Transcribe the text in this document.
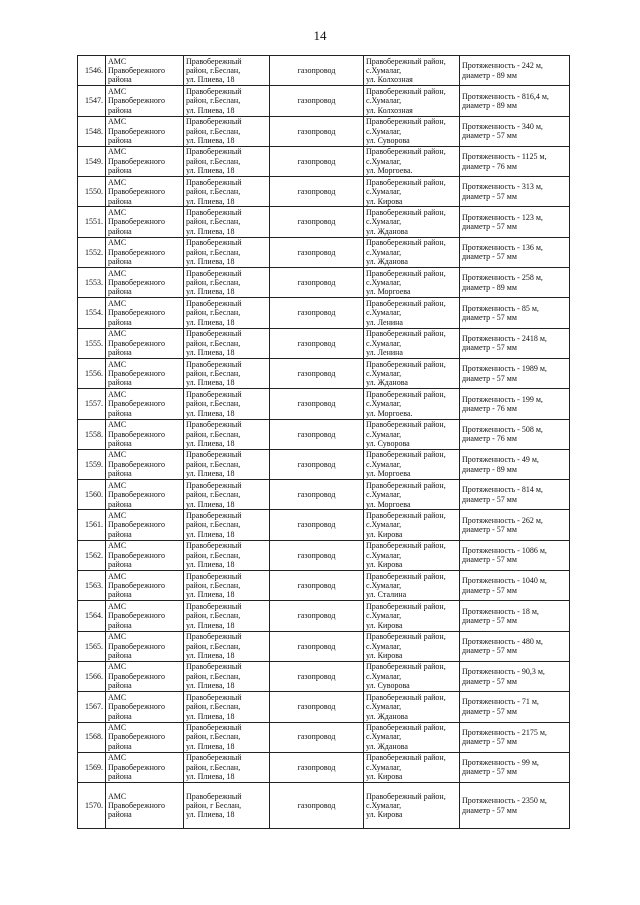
14
1546.	АМС
Правобережного
района	Правобережный
район, г.Беслан,
ул. Плиева, 18	газопровод	Правобережный район,
с.Хумалаг,
ул. Колхозная	Протяженность - 242 м,
диаметр - 89 мм

1547.	АМС
Правобережного
района	Правобережный
район, г.Беслан,
ул. Плиева, 18	газопровод	Правобережный район,
с.Хумалаг,
ул. Колхозная	Протяженность - 816,4 м,
диаметр - 89 мм

1548.	АМС
Правобережного
района	Правобережный
район, г.Беслан,
ул. Плиева, 18	газопровод	Правобережный район,
с.Хумалаг,
ул. Суворова	Протяженность - 340 м,
диаметр - 57 мм

1549.	АМС
Правобережного
района	Правобережный
район, г.Беслан,
ул. Плиева, 18	газопровод	Правобережный район,
с.Хумалаг,
ул. Моргоева.	Протяженность - 1125 м,
диаметр - 76 мм

1550.	АМС
Правобережного
района	Правобережный
район, г.Беслан,
ул. Плиева, 18	газопровод	Правобережный район,
с.Хумалаг,
ул. Кирова	Протяженность - 313 м,
диаметр - 57 мм

1551.	АМС
Правобережного
района	Правобережный
район, г.Беслан,
ул. Плиева, 18	газопровод	Правобережный район,
с.Хумалаг,
ул. Жданова	Протяженность - 123 м,
диаметр - 57 мм

1552.	АМС
Правобережного
района	Правобережный
район, г.Беслан,
ул. Плиева, 18	газопровод	Правобережный район,
с.Хумалаг,
ул. Жданова	Протяженность - 136 м,
диаметр - 57 мм

1553.	АМС
Правобережного
района	Правобережный
район, г.Беслан,
ул. Плиева, 18	газопровод	Правобережный район,
с.Хумалаг,
ул. Моргоева	Протяженность - 258 м,
диаметр - 89 мм

1554.	АМС
Правобережного
района	Правобережный
район, г.Беслан,
ул. Плиева, 18	газопровод	Правобережный район,
с.Хумалаг,
ул. Ленина	Протяженность - 85 м,
диаметр - 57 мм

1555.	АМС
Правобережного
района	Правобережный
район, г.Беслан,
ул. Плиева, 18	газопровод	Правобережный район,
с.Хумалаг,
ул. Ленина	Протяженность - 2418 м,
диаметр - 57 мм

1556.	АМС
Правобережного
района	Правобережный
район, г.Беслан,
ул. Плиева, 18	газопровод	Правобережный район,
с.Хумалаг,
ул. Жданова	Протяженность - 1989 м,
диаметр - 57 мм

1557.	АМС
Правобережного
района	Правобережный
район, г.Беслан,
ул. Плиева, 18	газопровод	Правобережный район,
с.Хумалаг,
ул. Моргоева.	Протяженность - 199 м,
диаметр - 76 мм

1558.	АМС
Правобережного
района	Правобережный
район, г.Беслан,
ул. Плиева, 18	газопровод	Правобережный район,
с.Хумалаг,
ул. Суворова	Протяженность - 508 м,
диаметр - 76 мм

1559.	АМС
Правобережного
района	Правобережный
район, г.Беслан,
ул. Плиева, 18	газопровод	Правобережный район,
с.Хумалаг,
ул. Моргоева	Протяженность - 49 м,
диаметр - 89 мм

1560.	АМС
Правобережного
района	Правобережный
район, г.Беслан,
ул. Плиева, 18	газопровод	Правобережный район,
с.Хумалаг,
ул. Моргоева	Протяженность - 814 м,
диаметр - 57 мм

1561.	АМС
Правобережного
района	Правобережный
район, г.Беслан,
ул. Плиева, 18	газопровод	Правобережный район,
с.Хумалаг,
ул. Кирова	Протяженность - 262 м,
диаметр - 57 мм

1562.	АМС
Правобережного
района	Правобережный
район, г.Беслан,
ул. Плиева, 18	газопровод	Правобережный район,
с.Хумалаг,
ул. Кирова	Протяженность - 1086 м,
диаметр - 57 мм

1563.	АМС
Правобережного
района	Правобережный
район, г.Беслан,
ул. Плиева, 18	газопровод	Правобережный район,
с.Хумалаг,
ул. Сталина	Протяженность - 1040 м,
диаметр - 57 мм

1564.	АМС
Правобережного
района	Правобережный
район, г.Беслан,
ул. Плиева, 18	газопровод	Правобережный район,
с.Хумалаг,
ул. Кирова	Протяженность - 18 м,
диаметр - 57 мм

1565.	АМС
Правобережного
района	Правобережный
район, г.Беслан,
ул. Плиева, 18	газопровод	Правобережный район,
с.Хумалаг,
ул. Кирова	Протяженность - 480 м,
диаметр - 57 мм

1566.	АМС
Правобережного
района	Правобережный
район, г.Беслан,
ул. Плиева, 18	газопровод	Правобережный район,
с.Хумалаг,
ул. Суворова	Протяженность - 90,3 м,
диаметр - 57 мм

1567.	АМС
Правобережного
района	Правобережный
район, г.Беслан,
ул. Плиева, 18	газопровод	Правобережный район,
с.Хумалаг,
ул. Жданова	Протяженность - 71 м,
диаметр - 57 мм

1568.	АМС
Правобережного
района	Правобережный
район, г.Беслан,
ул. Плиева, 18	газопровод	Правобережный район,
с.Хумалаг,
ул. Жданова	Протяженность - 2175 м,
диаметр - 57 мм

1569.	АМС
Правобережного
района	Правобережный
район, г.Беслан,
ул. Плиева, 18	газопровод	Правобережный район,
с.Хумалаг,
ул. Кирова	Протяженность - 99 м,
диаметр - 57 мм

1570.	АМС
Правобережного
района	Правобережный
район, г Беслан,
ул. Плиева, 18	газопровод	Правобережный район,
с.Хумалаг,
ул. Кирова	Протяженность - 2350 м,
диаметр - 57 мм
